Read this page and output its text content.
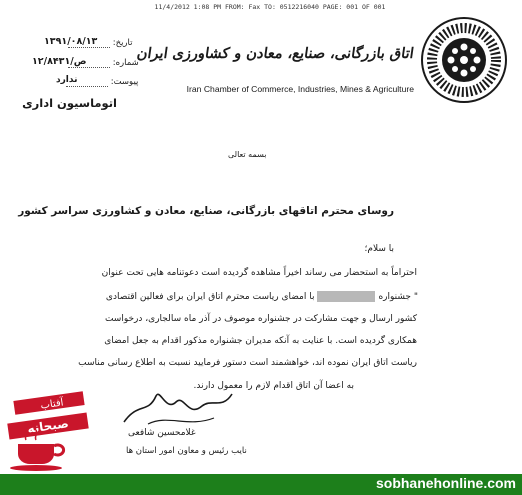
11/4/2012 1:08 PM FROM: Fax TO: 0512216040 PAGE: 001 OF 001
تاریخ:
۱۳۹۱/۰۸/۱۳
شماره:
۱۲/۸۴۳۱/ص
پیوست:
ندارد
اتوماسیون اداری
اتاق بازرگانی، صنایع، معادن و کشاورزی ایران
Iran Chamber of Commerce, Industries, Mines & Agriculture
بسمه تعالی
روسای محترم اتاقهای بازرگانی، صنایع، معادن و کشاورزی سراسر کشور
با سلام؛
احتراماً به استحضار می رساند اخیراً مشاهده گردیده است دعوتنامه هایی تحت عنوان
" جشنوارهبا امضای ریاست محترم اتاق ایران برای فعالین اقتصادی
کشور ارسال و جهت مشارکت در جشنواره موصوف در آذر ماه سالجاری، درخواست
همکاری گردیده است. با عنایت به آنکه مدیران جشنواره مذکور اقدام به جعل امضای
ریاست اتاق ایران نموده اند، خواهشمند است دستور فرمایید نسبت به اطلاع رسانی مناسب
به اعضا آن اتاق اقدام لازم را معمول دارند.
غلامحسین شافعی
نایب رئیس و معاون امور استان ها
آفتاب
صبحانه
sobhanehonline.com
